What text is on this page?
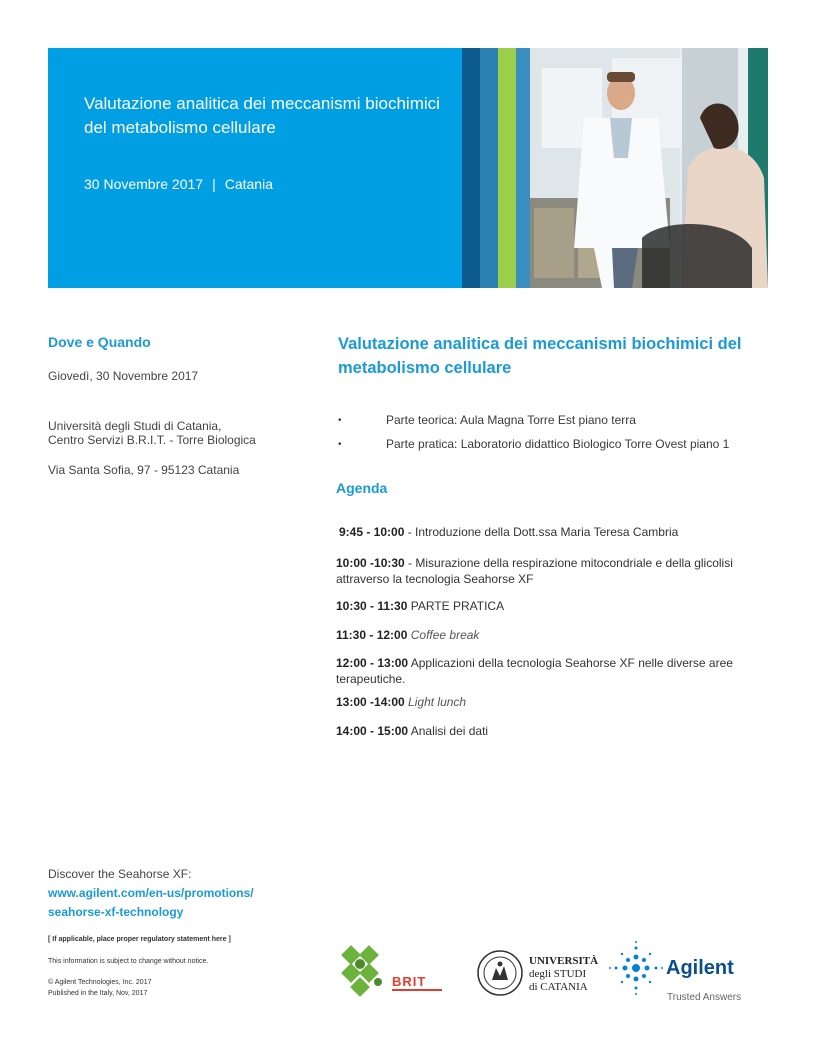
Valutazione analitica dei meccanismi biochimici del metabolismo cellulare
30 Novembre 2017 | Catania
Dove e Quando
Giovedì, 30 Novembre 2017
Università degli Studi di Catania,
Centro Servizi B.R.I.T. - Torre Biologica
Via Santa Sofia, 97 - 95123 Catania
Valutazione analitica dei meccanismi biochimici del metabolismo cellulare
•	Parte teorica: Aula Magna Torre Est piano terra
•	Parte pratica: Laboratorio didattico Biologico Torre Ovest piano 1
Agenda
9:45 - 10:00 - Introduzione della Dott.ssa Maria Teresa Cambria
10:00 -10:30 - Misurazione della respirazione mitocondriale e della glicolisi attraverso la tecnologia Seahorse XF
10:30 - 11:30 PARTE PRATICA
11:30 - 12:00 Coffee break
12:00 - 13:00 Applicazioni della tecnologia Seahorse XF nelle diverse aree terapeutiche.
13:00 -14:00 Light lunch
14:00 - 15:00 Analisi dei dati
Discover the Seahorse XF:
www.agilent.com/en-us/promotions/
seahorse-xf-technology
[ If applicable, place proper regulatory statement here ]
This information is subject to change without notice.
© Agilent Technologies, Inc. 2017
Published in the Italy, Nov, 2017
BRIT
UNIVERSITÀ
degli STUDI
di CATANIA
Agilent
Trusted Answers
